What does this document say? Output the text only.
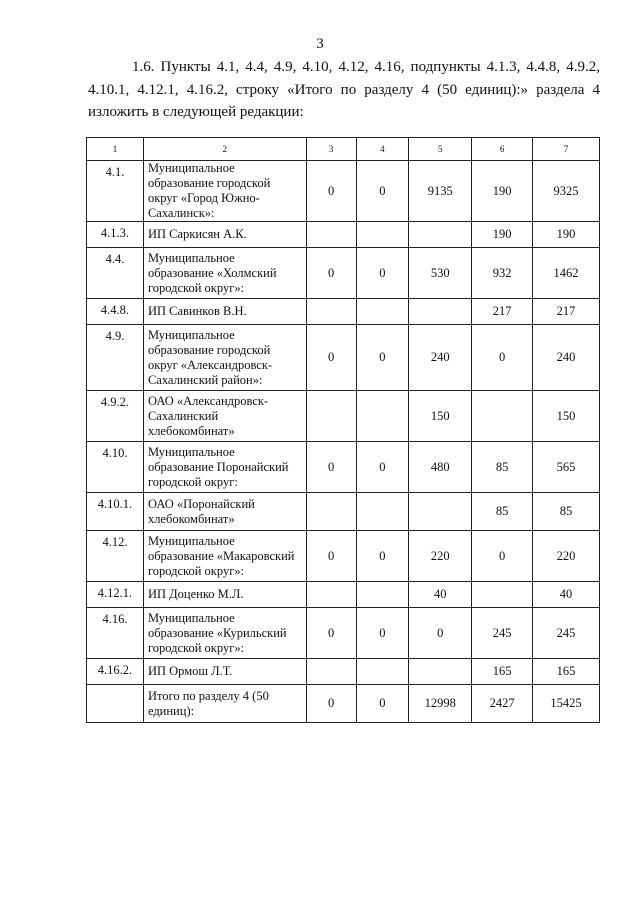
3

1.6. Пункты 4.1, 4.4, 4.9, 4.10, 4.12, 4.16, подпункты 4.1.3, 4.4.8, 4.9.2, 4.10.1, 4.12.1, 4.16.2, строку «Итого по разделу 4 (50 единиц):» раздела 4 изложить в следующей редакции:

1	2	3	4	5	6	7
4.1.	Муниципальное образование городской округ «Город Южно-Сахалинск»:	0	0	9135	190	9325
4.1.3.	ИП Саркисян А.К.				190	190
4.4.	Муниципальное образование «Холмский городской округ»:	0	0	530	932	1462
4.4.8.	ИП Савинков В.Н.				217	217
4.9.	Муниципальное образование городской округ «Александровск-Сахалинский район»:	0	0	240	0	240
4.9.2.	ОАО «Александровск-Сахалинский хлебокомбинат»			150		150
4.10.	Муниципальное образование Поронайский городской округ:	0	0	480	85	565
4.10.1.	ОАО «Поронайский хлебокомбинат»				85	85
4.12.	Муниципальное образование «Макаровский городской округ»:	0	0	220	0	220
4.12.1.	ИП Доценко М.Л.			40		40
4.16.	Муниципальное образование «Курильский городской округ»:	0	0	0	245	245
4.16.2.	ИП Ормош Л.Т.				165	165
	Итого по разделу 4 (50 единиц):	0	0	12998	2427	15425
